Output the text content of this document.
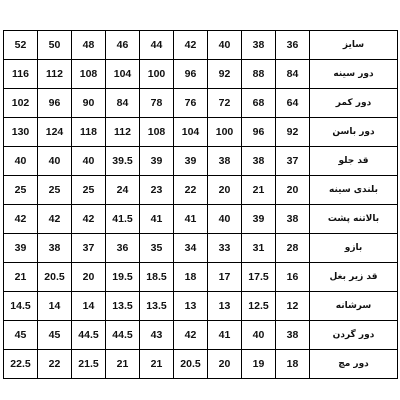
52	50	48	46	44	42	40	38	36	سایز
116	112	108	104	100	96	92	88	84	دور سینه
102	96	90	84	78	76	72	68	64	دور کمر
130	124	118	112	108	104	100	96	92	دور باسن
40	40	40	39.5	39	39	38	38	37	قد جلو
25	25	25	24	23	22	20	21	20	بلندی سینه
42	42	42	41.5	41	41	40	39	38	بالاتنه پشت
39	38	37	36	35	34	33	31	28	بازو
21	20.5	20	19.5	18.5	18	17	17.5	16	قد زیر بغل
14.5	14	14	13.5	13.5	13	13	12.5	12	سرشانه
45	45	44.5	44.5	43	42	41	40	38	دور گردن
22.5	22	21.5	21	21	20.5	20	19	18	دور مچ
